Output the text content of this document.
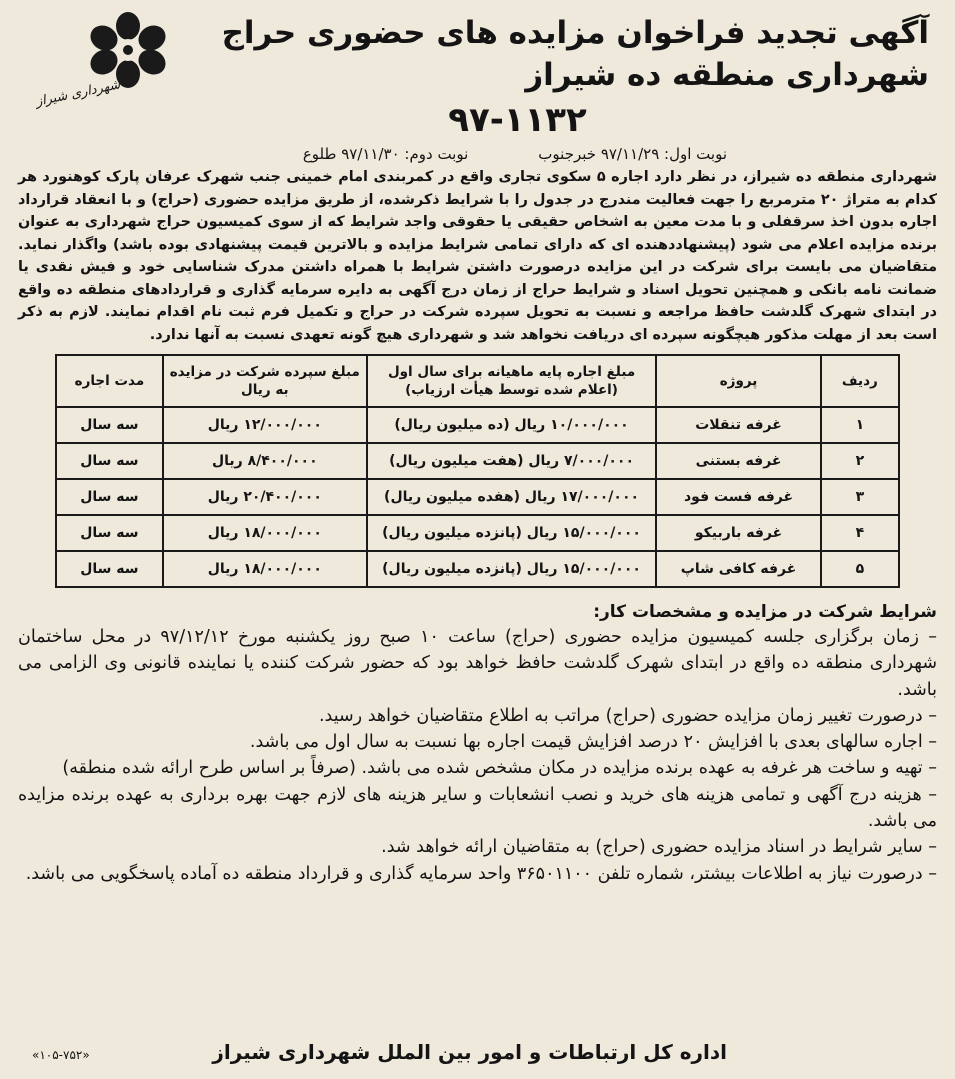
شهرداری شیراز
آگهی تجدید فراخوان مزایده های حضوری حراج شهرداری منطقه ده شیراز
۹۷-۱۱۳۲
نوبت اول: ۹۷/۱۱/۲۹ خبرجنوب
نوبت دوم: ۹۷/۱۱/۳۰ طلوع

شهرداری منطقه ده شیراز، در نظر دارد اجاره ۵ سکوی تجاری واقع در کمربندی امام خمینی جنب شهرک عرفان پارک کوهنورد هر کدام به متراژ ۲۰ مترمربع را جهت فعالیت مندرج در جدول را با شرایط ذکرشده، از طریق مزایده حضوری (حراج) و با انعقاد قرارداد اجاره بدون اخذ سرقفلی و با مدت معین به اشخاص حقیقی یا حقوقی واجد شرایط که از سوی کمیسیون حراج شهرداری به عنوان برنده مزایده اعلام می شود (پیشنهاددهنده ای که دارای تمامی شرایط مزایده و بالاترین قیمت پیشنهادی بوده باشد) واگذار نماید. متقاضیان می بایست برای شرکت در این مزایده درصورت داشتن شرایط با همراه داشتن مدرک شناسایی خود و فیش نقدی یا ضمانت نامه بانکی و همچنین تحویل اسناد و شرایط حراج از زمان درج آگهی به دایره سرمایه گذاری و قراردادهای منطقه ده واقع در ابتدای شهرک گلدشت حافظ مراجعه و نسبت به تحویل سپرده شرکت در حراج و تکمیل فرم ثبت نام اقدام نمایند. لازم به ذکر است بعد از مهلت مذکور هیچگونه سپرده ای دریافت نخواهد شد و شهرداری هیچ گونه تعهدی نسبت به آنها ندارد.

ردیف	پروژه	مبلغ اجاره پایه ماهیانه برای سال اول (اعلام شده توسط هیأت ارزیاب)	مبلغ سپرده شرکت در مزایده به ریال	مدت اجاره
۱	غرفه تنقلات	۱۰/۰۰۰/۰۰۰ ریال (ده میلیون ریال)	۱۲/۰۰۰/۰۰۰ ریال	سه سال
۲	غرفه بستنی	۷/۰۰۰/۰۰۰ ریال (هفت میلیون ریال)	۸/۴۰۰/۰۰۰ ریال	سه سال
۳	غرفه فست فود	۱۷/۰۰۰/۰۰۰ ریال (هفده میلیون ریال)	۲۰/۴۰۰/۰۰۰ ریال	سه سال
۴	غرفه باربیکو	۱۵/۰۰۰/۰۰۰ ریال (پانزده میلیون ریال)	۱۸/۰۰۰/۰۰۰ ریال	سه سال
۵	غرفه کافی شاپ	۱۵/۰۰۰/۰۰۰ ریال (پانزده میلیون ریال)	۱۸/۰۰۰/۰۰۰ ریال	سه سال
شرایط شرکت در مزایده و مشخصات کار:

– زمان برگزاری جلسه کمیسیون مزایده حضوری (حراج) ساعت ۱۰ صبح روز یکشنبه مورخ ۹۷/۱۲/۱۲ در محل ساختمان شهرداری منطقه ده واقع در ابتدای شهرک گلدشت حافظ خواهد بود که حضور شرکت کننده یا نماینده قانونی وی الزامی می باشد.

– درصورت تغییر زمان مزایده حضوری (حراج) مراتب به اطلاع متقاضیان خواهد رسید.

– اجاره سالهای بعدی با افزایش ۲۰ درصد افزایش قیمت اجاره بها نسبت به سال اول می باشد.

– تهیه و ساخت هر غرفه به عهده برنده مزایده در مکان مشخص شده می باشد. (صرفاً بر اساس طرح ارائه شده منطقه)

– هزینه درج آگهی و تمامی هزینه های خرید و نصب انشعابات و سایر هزینه های لازم جهت بهره برداری به عهده برنده مزایده می باشد.

– سایر شرایط در اسناد مزایده حضوری (حراج) به متقاضیان ارائه خواهد شد.

– درصورت نیاز به اطلاعات بیشتر، شماره تلفن ۳۶۵۰۱۱۰۰ واحد سرمایه گذاری و قرارداد منطقه ده آماده پاسخگویی می باشد.

اداره کل ارتباطات و امور بین الملل شهرداری شیراز
«۱۰۵-۷۵۲»
